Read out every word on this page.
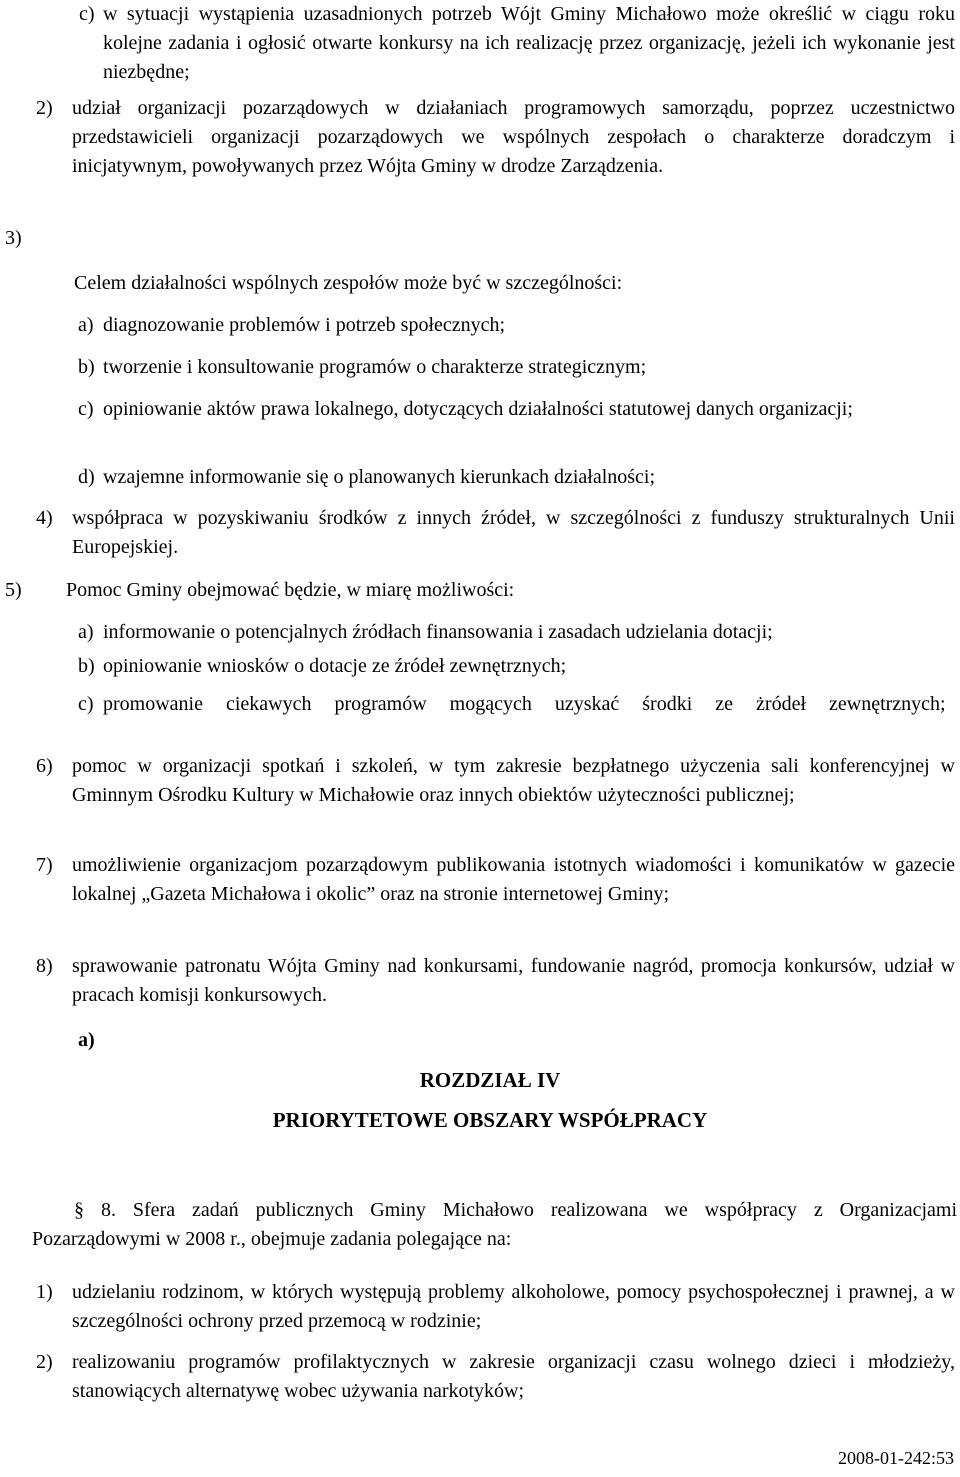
c) w sytuacji wystąpienia uzasadnionych potrzeb Wójt Gminy Michałowo może określić w ciągu roku kolejne zadania i ogłosić otwarte konkursy na ich realizację przez organizację, jeżeli ich wykonanie jest niezbędne;

2) udział organizacji pozarządowych w działaniach programowych samorządu, poprzez uczestnictwo przedstawicieli organizacji pozarządowych we wspólnych zespołach o charakterze doradczym i inicjatywnym, powoływanych przez Wójta Gminy w drodze Zarządzenia.

3)

Celem działalności wspólnych zespołów może być w szczególności:

a) diagnozowanie problemów i potrzeb społecznych;

b) tworzenie i konsultowanie programów o charakterze strategicznym;

c) opiniowanie aktów prawa lokalnego, dotyczących działalności statutowej danych organizacji;

d) wzajemne informowanie się o planowanych kierunkach działalności;

4) współpraca w pozyskiwaniu środków z innych źródeł, w szczególności z funduszy strukturalnych Unii Europejskiej.

5) Pomoc Gminy obejmować będzie, w miarę możliwości:

a) informowanie o potencjalnych źródłach finansowania i zasadach udzielania dotacji;

b) opiniowanie wniosków o dotacje ze źródeł zewnętrznych;

c) promowanie ciekawych programów mogących uzyskać środki ze żródeł zewnętrznych;

6) pomoc w organizacji spotkań i szkoleń, w tym zakresie bezpłatnego użyczenia sali konferencyjnej w Gminnym Ośrodku Kultury w Michałowie oraz innych obiektów użyteczności publicznej;

7) umożliwienie organizacjom pozarządowym publikowania istotnych wiadomości i komunikatów w gazecie lokalnej „Gazeta Michałowa i okolic” oraz na stronie internetowej Gminy;

8) sprawowanie patronatu Wójta Gminy nad konkursami, fundowanie nagród, promocja konkursów, udział w pracach komisji konkursowych.

a)
ROZDZIAŁ IV
PRIORYTETOWE OBSZARY WSPÓŁPRACY

§ 8. Sfera zadań publicznych Gminy Michałowo realizowana we współpracy z Organizacjami Pozarządowymi w 2008 r., obejmuje zadania polegające na:

1) udzielaniu rodzinom, w których występują problemy alkoholowe, pomocy psychospołecznej i prawnej, a w szczególności ochrony przed przemocą w rodzinie;

2) realizowaniu programów profilaktycznych w zakresie organizacji czasu wolnego dzieci i młodzieży, stanowiących alternatywę wobec używania narkotyków;

2008-01-242:53
